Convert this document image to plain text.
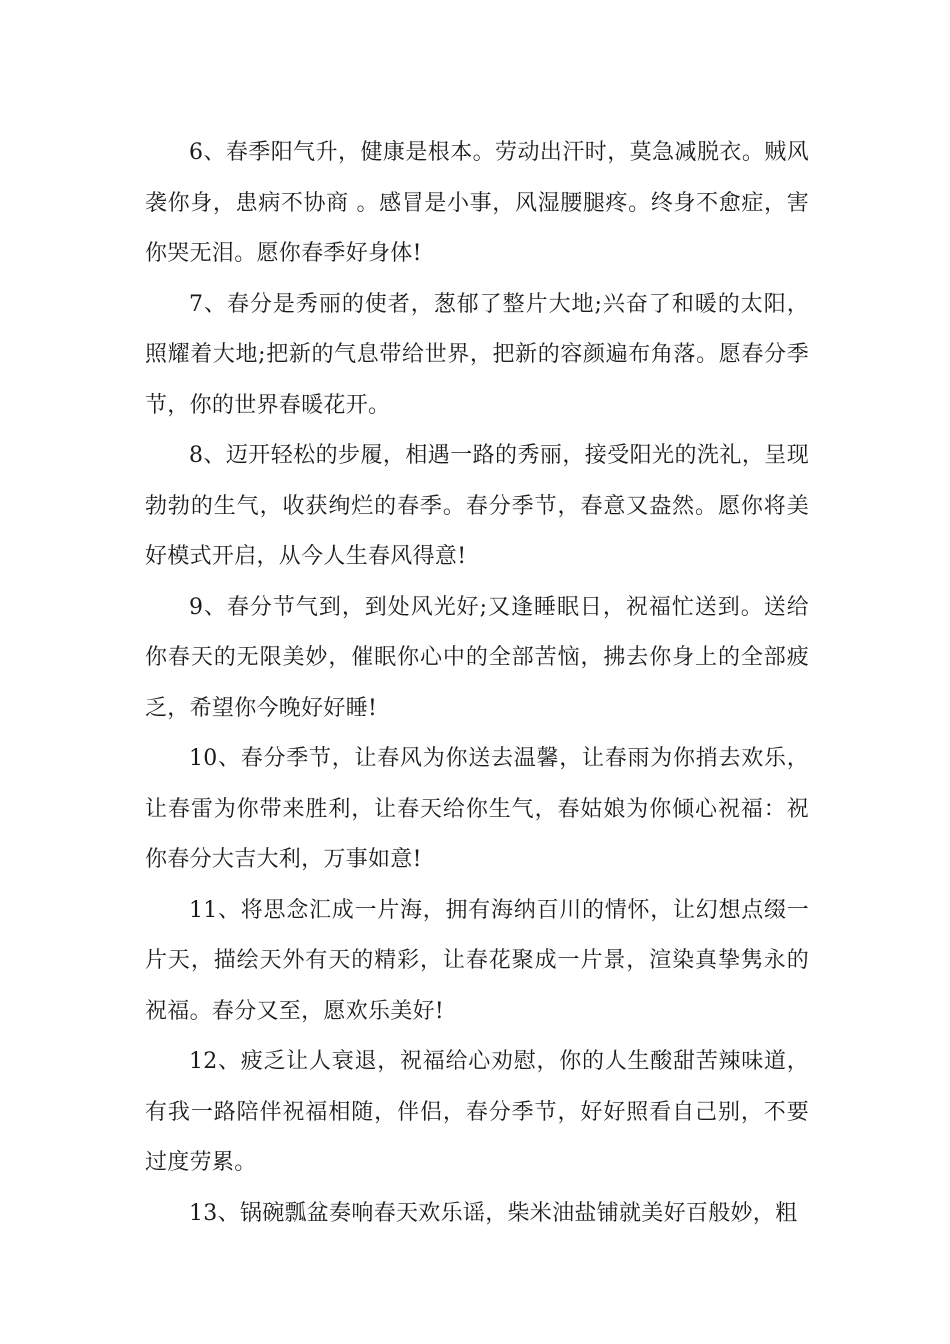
6、春季阳气升，健康是根本。劳动出汗时，莫急减脱衣。贼风袭你身，患病不协商 。感冒是小事，风湿腰腿疼。终身不愈症，害你哭无泪。愿你春季好身体!

7、春分是秀丽的使者，葱郁了整片大地;兴奋了和暖的太阳，照耀着大地;把新的气息带给世界，把新的容颜遍布角落。愿春分季节，你的世界春暖花开。

8、迈开轻松的步履，相遇一路的秀丽，接受阳光的洗礼，呈现勃勃的生气，收获绚烂的春季。春分季节，春意又盎然。愿你将美好模式开启，从今人生春风得意!

9、春分节气到，到处风光好;又逢睡眠日，祝福忙送到。送给你春天的无限美妙，催眠你心中的全部苦恼，拂去你身上的全部疲乏，希望你今晚好好睡!

10、春分季节，让春风为你送去温馨，让春雨为你捎去欢乐，让春雷为你带来胜利，让春天给你生气，春姑娘为你倾心祝福：祝你春分大吉大利，万事如意!

11、将思念汇成一片海，拥有海纳百川的情怀，让幻想点缀一片天，描绘天外有天的精彩，让春花聚成一片景，渲染真挚隽永的祝福。春分又至，愿欢乐美好!

12、疲乏让人衰退，祝福给心劝慰，你的人生酸甜苦辣味道，有我一路陪伴祝福相随，伴侣，春分季节，好好照看自己别，不要过度劳累。

13、锅碗瓢盆奏响春天欢乐谣，柴米油盐铺就美好百般妙，粗
